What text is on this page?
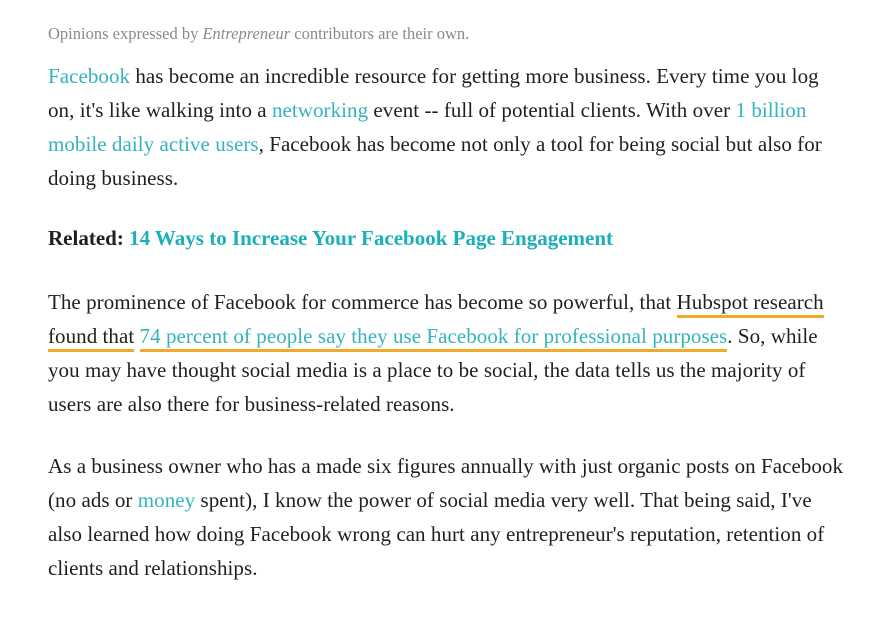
Opinions expressed by Entrepreneur contributors are their own.

Facebook has become an incredible resource for getting more business. Every time you log on, it's like walking into a networking event -- full of potential clients. With over 1 billion mobile daily active users, Facebook has become not only a tool for being social but also for doing business.

Related: 14 Ways to Increase Your Facebook Page Engagement

The prominence of Facebook for commerce has become so powerful, that Hubspot research found that 74 percent of people say they use Facebook for professional purposes. So, while you may have thought social media is a place to be social, the data tells us the majority of users are also there for business-related reasons.

As a business owner who has a made six figures annually with just organic posts on Facebook (no ads or money spent), I know the power of social media very well. That being said, I've also learned how doing Facebook wrong can hurt any entrepreneur's reputation, retention of clients and relationships.
